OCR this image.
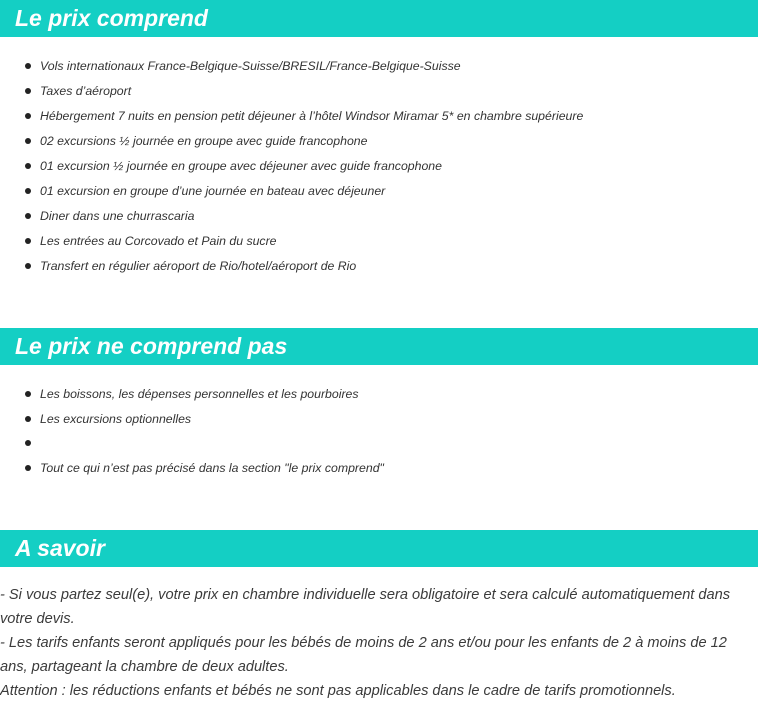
Le prix comprend
Vols internationaux France-Belgique-Suisse/BRESIL/France-Belgique-Suisse
Taxes d’aéroport
Hébergement 7 nuits en pension petit déjeuner à l’hôtel Windsor Miramar 5* en chambre supérieure
02 excursions ½ journée en groupe avec guide francophone
01 excursion ½ journée en groupe avec déjeuner avec guide francophone
01 excursion en groupe d’une journée en bateau avec déjeuner
Diner dans une churrascaria
Les entrées au Corcovado et Pain du sucre
Transfert en régulier aéroport de Rio/hotel/aéroport de Rio
Le prix ne comprend pas
Les boissons, les dépenses personnelles et les pourboires
Les excursions optionnelles
Tout ce qui n’est pas précisé dans la section "le prix comprend"
A savoir

- Si vous partez seul(e), votre prix en chambre individuelle sera obligatoire et sera calculé automatiquement dans votre devis.

- Les tarifs enfants seront appliqués pour les bébés de moins de 2 ans et/ou pour les enfants de 2 à moins de 12 ans, partageant la chambre de deux adultes.

Attention : les réductions enfants et bébés ne sont pas applicables dans le cadre de tarifs promotionnels.
